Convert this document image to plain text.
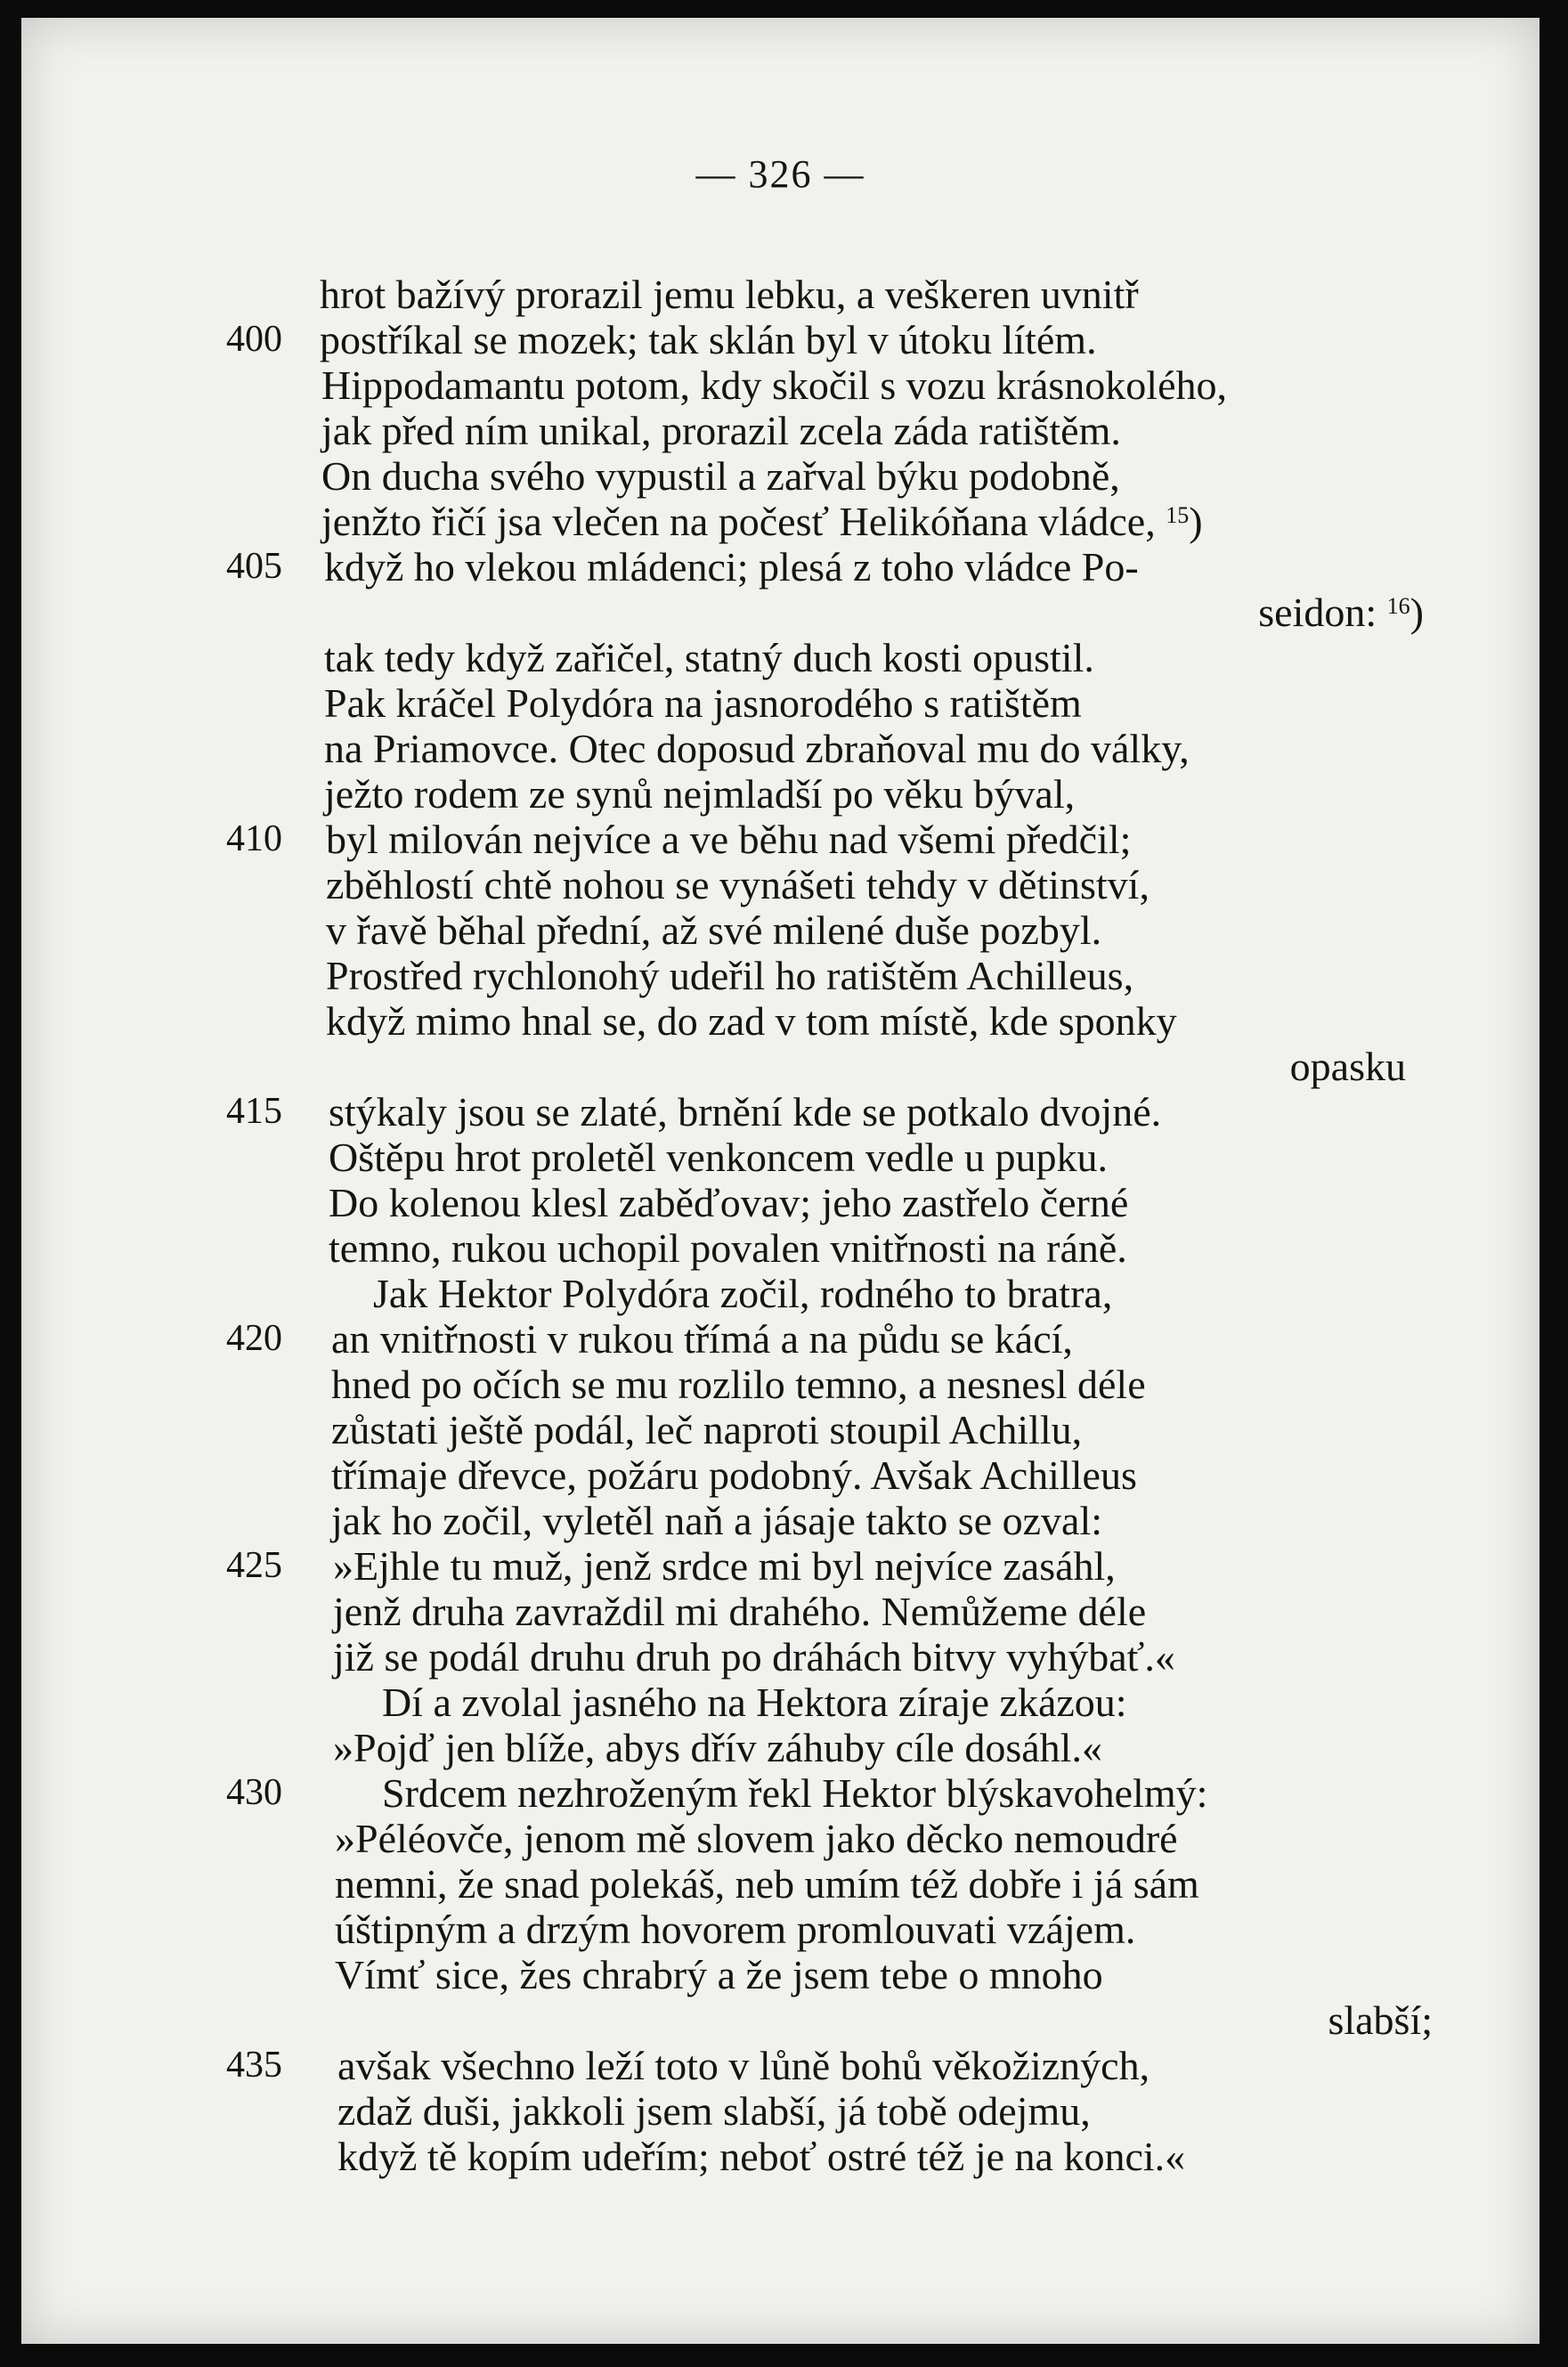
— 326 —
hrot bažívý prorazil jemu lebku, a veškeren uvnitř
400 postříkal se mozek; tak sklán byl v útoku lítém.
Hippodamantu potom, kdy skočil s vozu krásnokolého,
jak před ním unikal, prorazil zcela záda ratištěm.
On ducha svého vypustil a zařval býku podobně,
jenžto řičí jsa vlečen na počesť Helikóňana vládce, $^{15}$)
405	když ho vlekou mládenci; plesá z toho vládce Po-
seidon: $^{16}$)
tak tedy když zařičel, statný duch kosti opustil.
Pak kráčel Polydóra na jasnorodého s ratištěm
na Priamovce. Otec doposud zbraňoval mu do války,
ježto rodem ze synů nejmladší po věku býval,
410	byl milován nejvíce a ve běhu nad všemi předčil;
zběhlostí chtě nohou se vynášeti tehdy v dětinství,
v řavě běhal přední, až své milené duše pozbyl.
Prostřed rychlonohý udeřil ho ratištěm Achilleus,
když mimo hnal se, do zad v tom místě, kde sponky
opasku
415	stýkaly jsou se zlaté, brnění kde se potkalo dvojné.
Oštěpu hrot proletěl venkoncem vedle u pupku.
Do kolenou klesl zaběďovav; jeho zastřelo černé
temno, rukou uchopil povalen vnitřnosti na ráně.
Jak Hektor Polydóra zočil, rodného to bratra,
420	an vnitřnosti v rukou třímá a na půdu se kácí,
hned po očích se mu rozlilo temno, a nesnesl déle
zůstati ještě podál, leč naproti stoupil Achillu,
třímaje dřevce, požáru podobný. Avšak Achilleus
jak ho zočil, vyletěl naň a jásaje takto se ozval:
425	»Ejhle tu muž, jenž srdce mi byl nejvíce zasáhl,
jenž druha zavraždil mi drahého. Nemůžeme déle
již se podál druhu druh po dráhách bitvy vyhýbať.«
Dí a zvolal jasného na Hektora zíraje zkázou:
»Pojď jen blíže, abys dřív záhuby cíle dosáhl.«
430	Srdcem nezhroženým řekl Hektor blýskavohelmý:
»Péléovče, jenom mě slovem jako děcko nemoudré
nemni, že snad polekáš, neb umím též dobře i já sám
úštipným a drzým hovorem promlouvati vzájem.
Vímť sice, žes chrabrý a že jsem tebe o mnoho
slabší;
435	avšak všechno leží toto v lůně bohů věkožizných,
zdaž duši, jakkoli jsem slabší, já tobě odejmu,
když tě kopím udeřím; neboť ostré též je na konci.«
